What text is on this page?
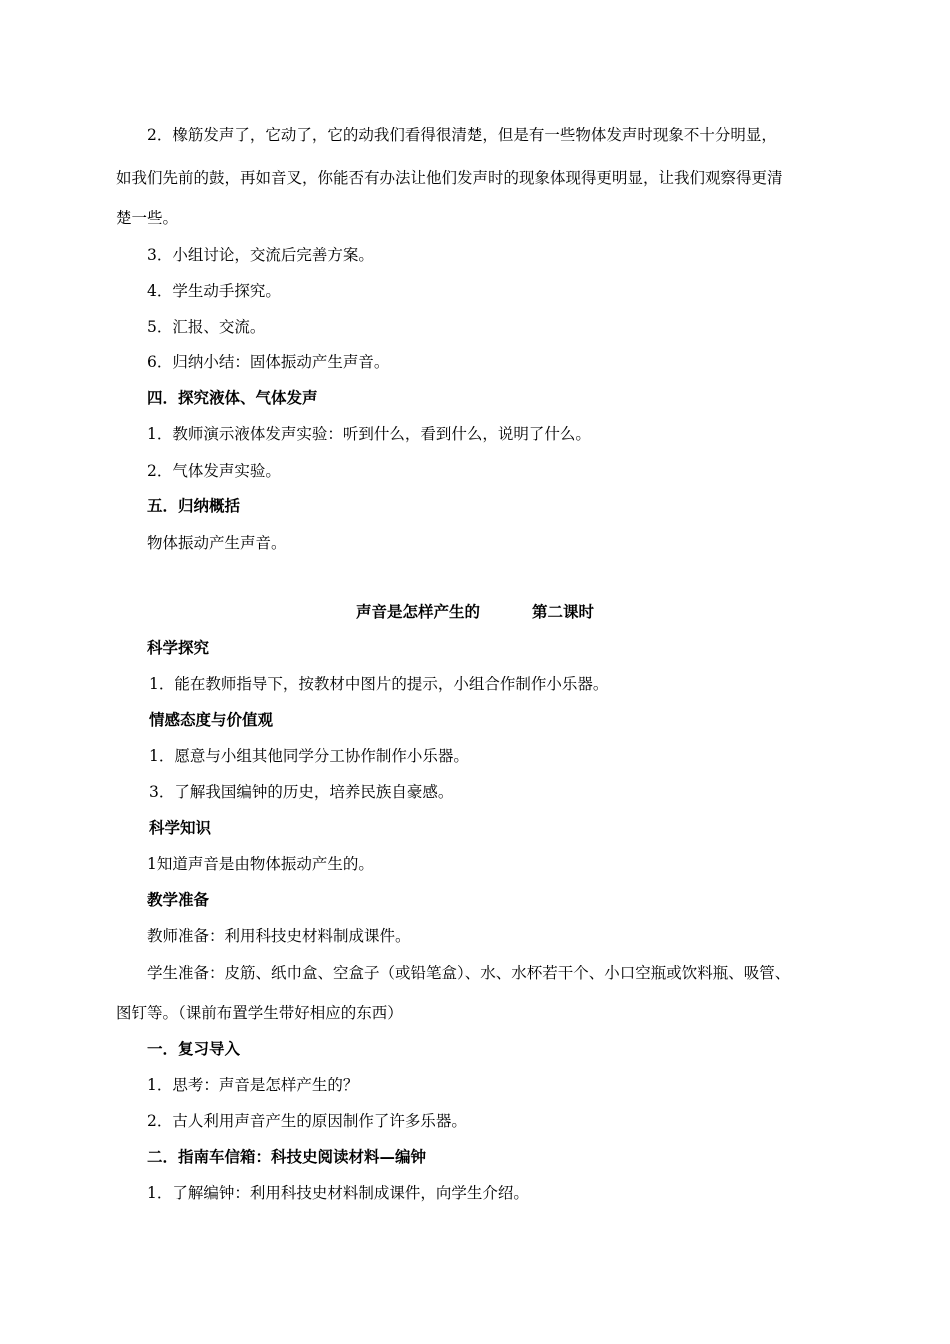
2．橡筋发声了，它动了，它的动我们看得很清楚，但是有一些物体发声时现象不十分明显，
如我们先前的鼓，再如音叉，你能否有办法让他们发声时的现象体现得更明显，让我们观察得更清
楚一些。
3．小组讨论，交流后完善方案。
4．学生动手探究。
5．汇报、交流。
6．归纳小结：固体振动产生声音。
四．探究液体、气体发声
1．教师演示液体发声实验：听到什么，看到什么，说明了什么。
2．气体发声实验。
五．归纳概括
物体振动产生声音。
声音是怎样产生的	第二课时
科学探究
1．能在教师指导下，按教材中图片的提示，小组合作制作小乐器。
情感态度与价值观
1．愿意与小组其他同学分工协作制作小乐器。
3．了解我国编钟的历史，培养民族自豪感。
科学知识
1知道声音是由物体振动产生的。
教学准备
教师准备：利用科技史材料制成课件。
学生准备：皮筋、纸巾盒、空盒子（或铅笔盒）、水、水杯若干个、小口空瓶或饮料瓶、吸管、
图钉等。（课前布置学生带好相应的东西）
一．复习导入
1．思考：声音是怎样产生的？
2．古人利用声音产生的原因制作了许多乐器。
二．指南车信箱：科技史阅读材料—编钟
1．了解编钟：利用科技史材料制成课件，向学生介绍。
